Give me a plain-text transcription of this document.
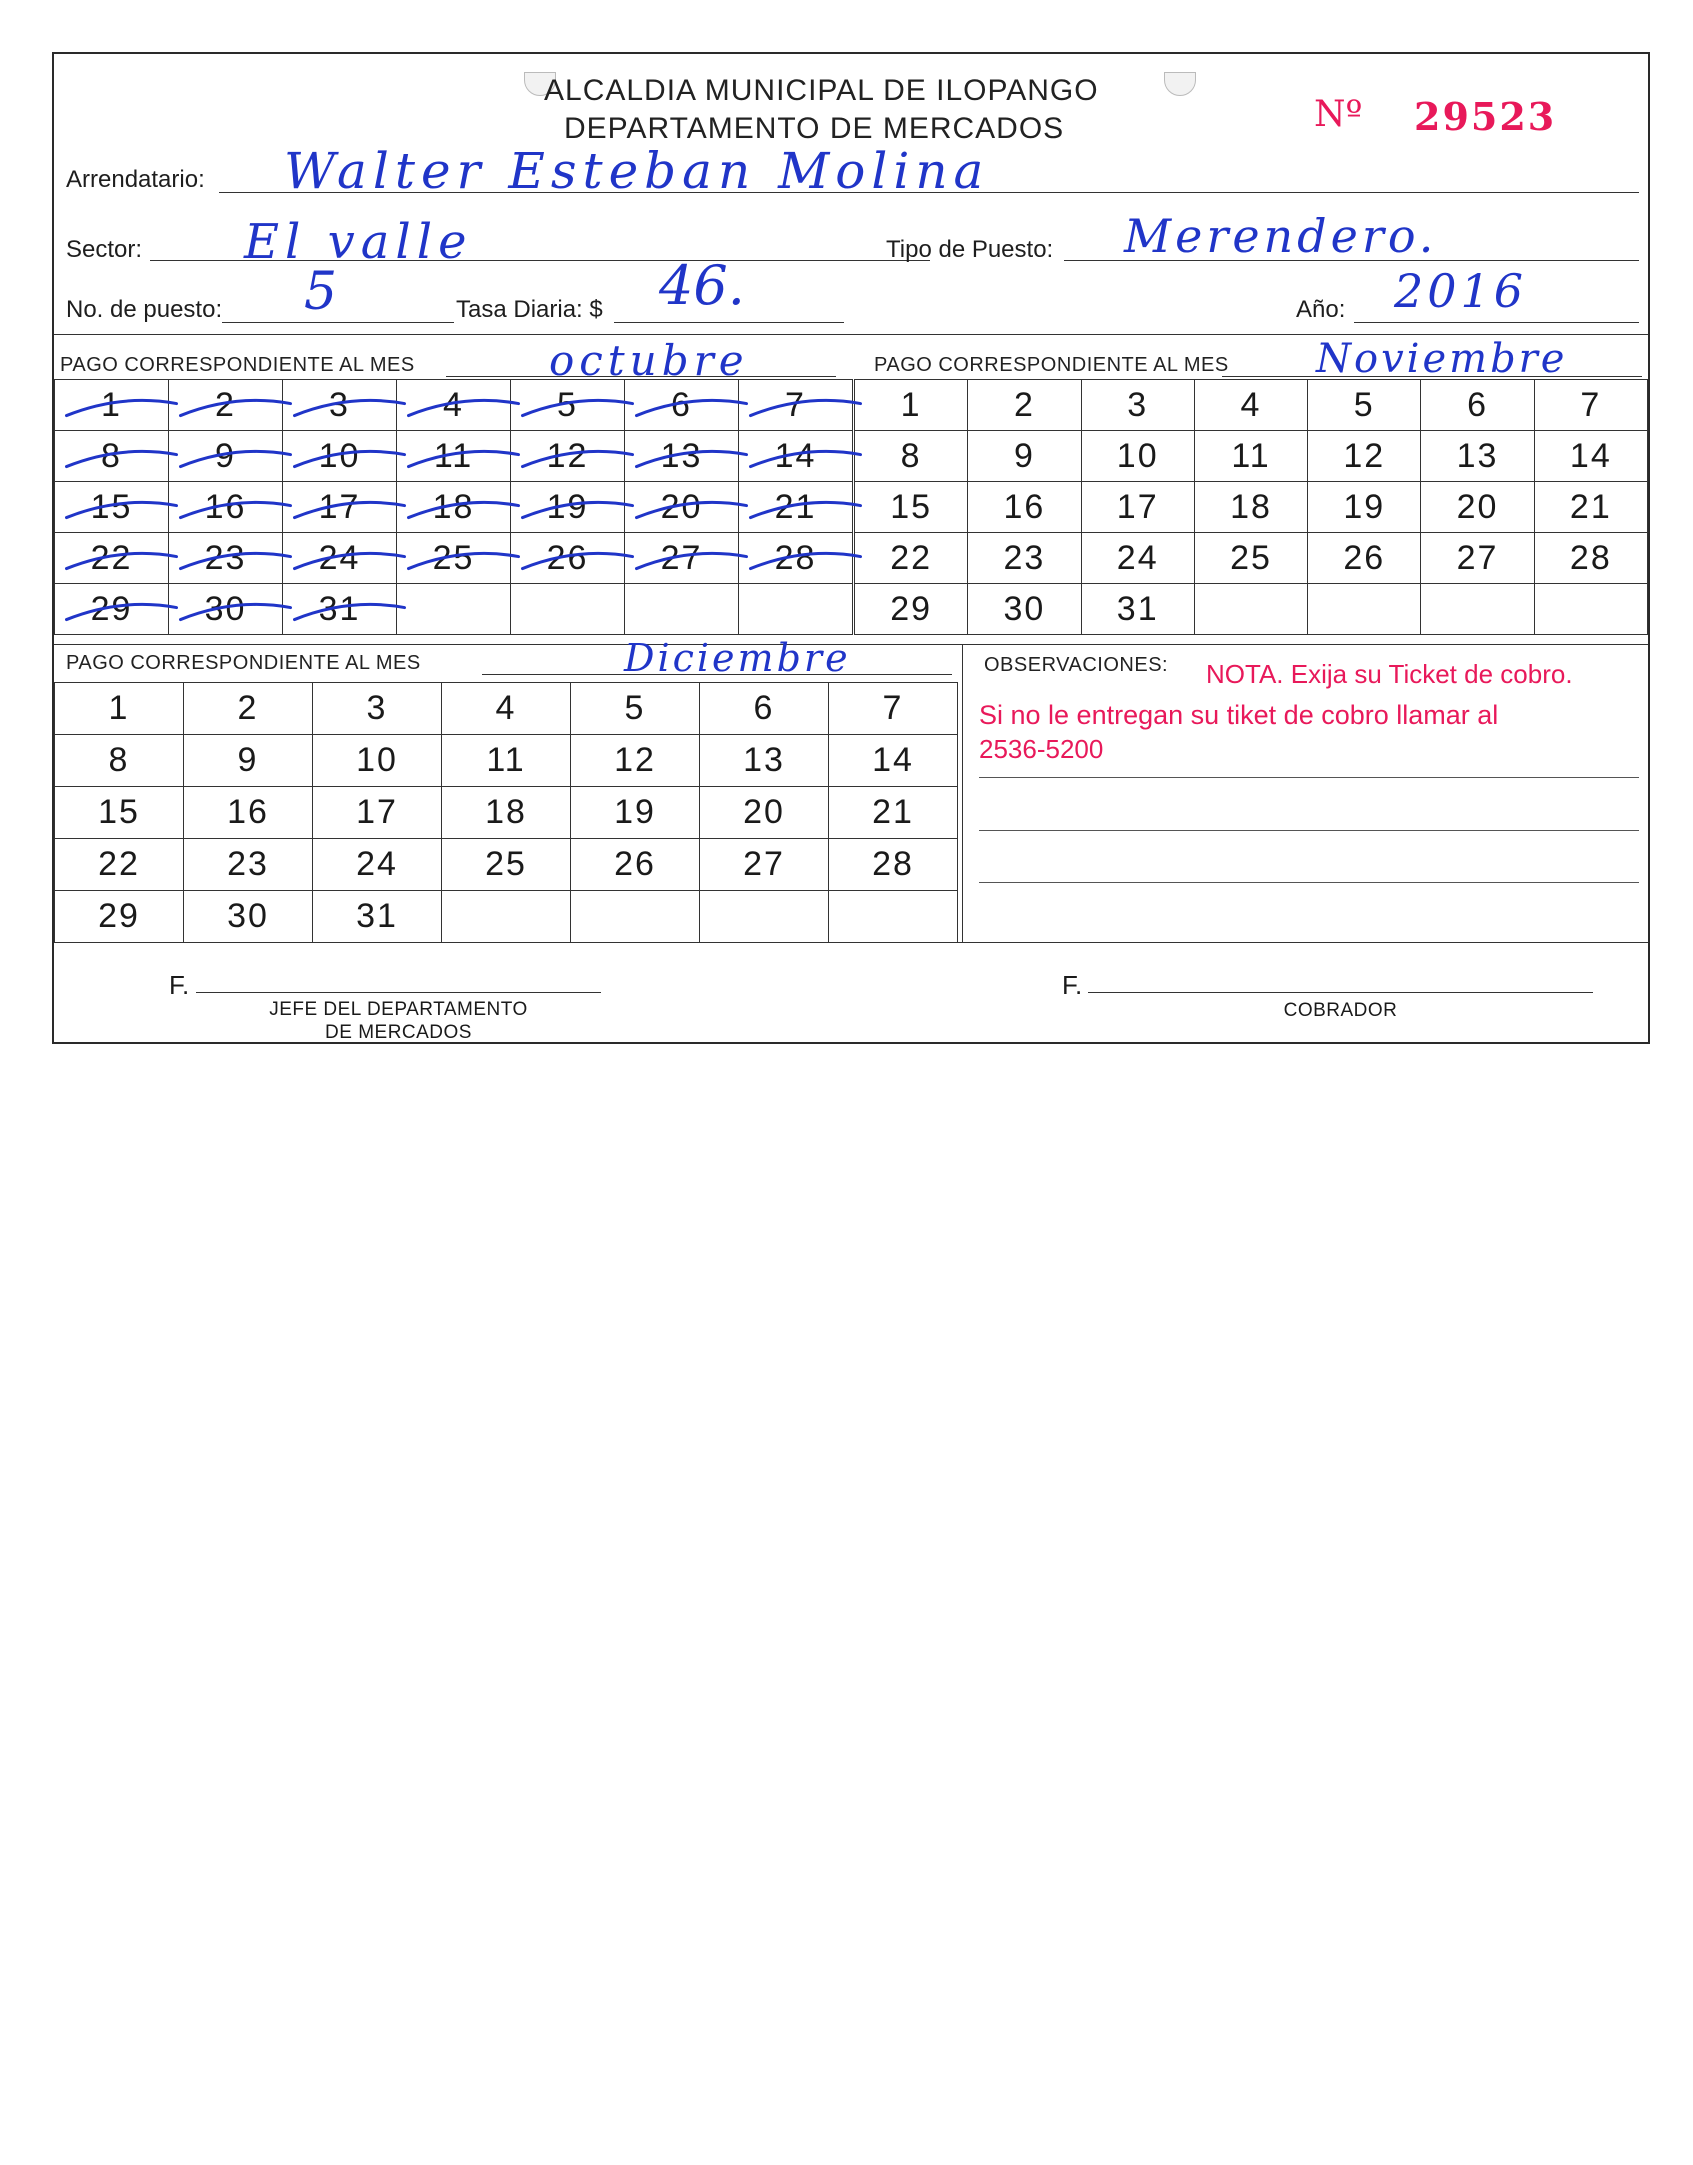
ALCALDIA MUNICIPAL DE ILOPANGO
DEPARTAMENTO DE MERCADOS	Nº 29523
Arrendatario: Walter Esteban Molina
Sector: El valle	Tipo de Puesto: Merendero.
No. de puesto: 5	Tasa Diaria: $ 46.	Año: 2016
PAGO CORRESPONDIENTE AL MES	octubre	PAGO CORRESPONDIENTE AL MES Noviembre
1	2	3	4	5	6	7
8	9	10	11	12	13	14
15	16	17	18	19	20	21
22	23	24	25	26	27	28
29	30	31				
1	2	3	4	5	6	7
8	9	10	11	12	13	14
15	16	17	18	19	20	21
22	23	24	25	26	27	28
29	30	31				
PAGO CORRESPONDIENTE AL MES	Diciembre
1	2	3	4	5	6	7
8	9	10	11	12	13	14
15	16	17	18	19	20	21
22	23	24	25	26	27	28
29	30	31				
OBSERVACIONES: NOTA. Exija su Ticket de cobro.
Si no le entregan su tiket de cobro llamar al
2536-5200
F.
JEFE DEL DEPARTAMENTO
DE MERCADOS
F.
COBRADOR
